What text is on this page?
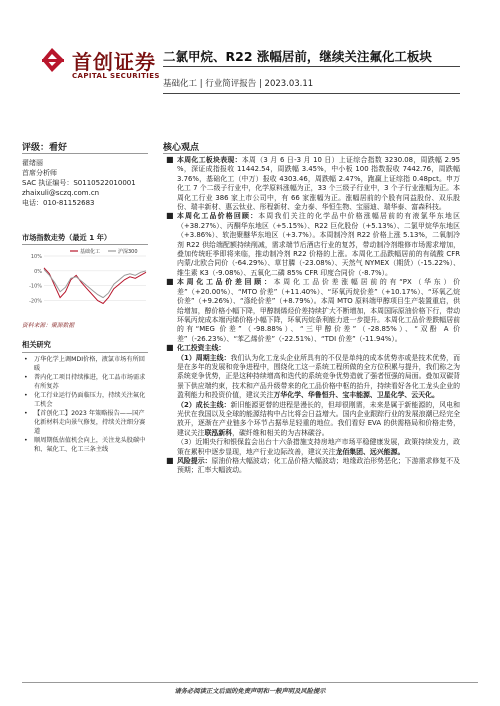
首创证券
CAPITAL SECURITIES
二氯甲烷、R22 涨幅居前，继续关注氟化工板块
基础化工 | 行业简评报告 | 2023.03.11
评级：看好
翟绪丽
首席分析师
SAC 执证编号：S0110522010001
zhaixuli@sczq.com.cn
电话：010-81152683
市场指数走势（最近 1 年）
10%
0%
-10%
-20%
基础化工	沪深300
资料来源：聚源数据
相关研究
• 万华化学上调MDI价格，液氯市场有所回暖
• 普内化工项目持续推进，化工品市场需求有所复苏
• 化工行业运行仍面临压力，持续关注氟化工机会
• 【首创化工】2023 年策略报告——国产化新材料走向景气修复，持续关注细分赛道
• 顺周期低估值机会向上，关注龙头股碳中和、氟化工、化工三条主线
核心观点

■ 本周化工板块表现：本周（3 月 6 日-3 月 10 日）上证综合指数 3230.08，周跌幅 2.95 %，深证成指报收 11442.54，周跌幅 3.45%，中小板 100 指数报收 7442.76，周跌幅 3.76%，基础化工（中万）报收 4303.46，周跌幅 2.47%，跑赢上证综指 0.48pct。申万化工 7 个二级子行业中，化学原料涨幅为正，33 个三级子行业中，3 个子行业涨幅为正。本周化工行业 386 家上市公司中，有 66 家涨幅为正。涨幅居前的个股有同益股份、双乐股份、瑞丰新材、惠云钛业、彤程新材、金力泰、华恒生物、宝丽迪、瑞华泰、富森科技。

■ 本周化工品价格回顾：本周我们关注的化学品中价格涨幅居前的有液氯华东地区（+38.27%）、丙酮华东地区（+5.15%）、R22 巨化股份（+5.13%）、二氯甲烷华东地区（+3.86%）、软泡聚醚华东地区（+3.7%）。本周制冷剂 R22 价格上涨 5.13%，二氧制冷剂 R22 供给端配额持续削减，需求端节后酒店行业的复苏，带动制冷剂维修市场需求增加，叠加传统旺季即将来临，推动制冷剂 R22 价格的上涨。本周化工品跌幅居前的有硫酸 CFR 内蒙/北欧合同价（-64.29%）、草甘膦（-23.08%）、天然气 NYMEX（期货）（-15.22%）、维生素 K3（-9.08%）、五氧化二磷 85% CFR 印度合同价（-8.7%）。

■ 本周化工品价差回顾：本周化工品价差涨幅居前的有“PX（华东）价差”（+20.00%）、“MTO 价差”（+11.40%）、“环氧丙烷价差”（+10.17%）、“环氧乙烷价差”（+9.26%）、“涤纶价差”（+8.79%）。本周 MTO 原料端甲醇项目生产装置重启，供给增加，醇价格小幅下降，甲醇制烯烃价差持续扩大不断增加，本周国际原油价格下行，带动环氧丙烷成本端丙烯价格小幅下降，环氧丙烷条利能力进一步提升。本周化工品价差跌幅居前的有“MEG 价差”（-98.88%）、“三甲醇价差”（-28.85%）、“双酚 A 价差”（-26.23%）、“苯乙烯价差”（-22.51%）、“TDI 价差”（-11.94%）。

■ 化工投资主线：

（1）周期主线：我们认为化工龙头企业所具有的不仅是单纯的成本优势亦或是技术优势，而是在多年的发展和竞争进程中，围绕化工这一系统工程所做的全方位积累与提升，我们称之为系统竞争优势，正是这种持续增高和迭代的系统竞争优势造就了强者恒强的局面。叠加双碳背景下供应端约束，技术和产品升级带来的化工品价格中枢的抬升，持续看好各化工龙头企业的盈利能力和投资价值，建议关注万华化学、华鲁恒升、宝丰能源、卫星化学、云天化。

（2）成长主线：新旧能源更替的进程是漫长的，但却很刚需，未来是属于新能源的，风电和光伏在我国以及全球的能源结构中占比将会日益增大。国内企业跟踪行业的发展浪潮已经完全放开，逐渐在产业链多个环节占据举足轻重的地位。我们看好 EVA 的供需格局和价格走势，建议关注联泓新科，碳纤维和相关的为吉林碳谷。

（3）近期央行和银保监会出台十六条措施支持房地产市场平稳健康发展，政策持续发力，政策在累积中逐步显现，地产行业边际改善，建议关注龙佰集团、远兴能源。

■ 风险提示：原油价格大幅波动；化工品价格大幅波动；地缘政治形势恶化；下游需求修复不及预期；汇率大幅波动。

请务必阅读正文后面的免责声明和一般声明及风险提示
